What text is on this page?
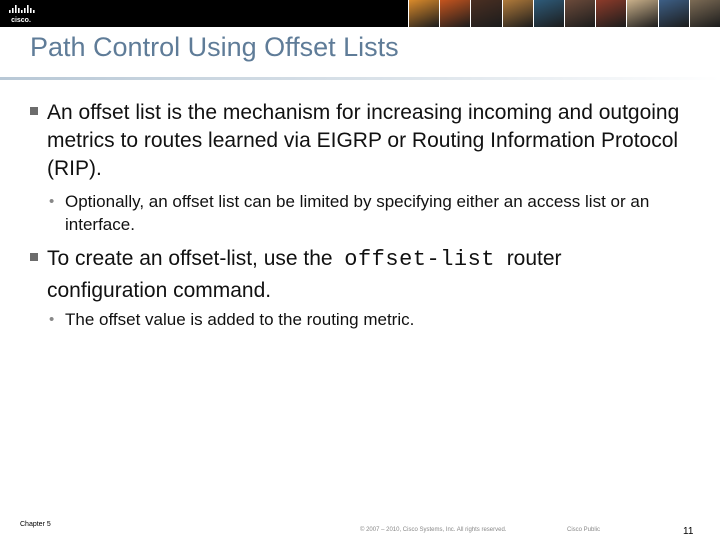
cisco.
Path Control Using Offset Lists
An offset list is the mechanism for increasing incoming and outgoing metrics to routes learned via EIGRP or Routing Information Protocol (RIP).
• Optionally, an offset list can be limited by specifying either an access list or an interface.
To create an offset-list, use the offset-list router configuration command.
• The offset value is added to the routing metric.
Chapter 5
© 2007 – 2010, Cisco Systems, Inc. All rights reserved.	Cisco Public	11
